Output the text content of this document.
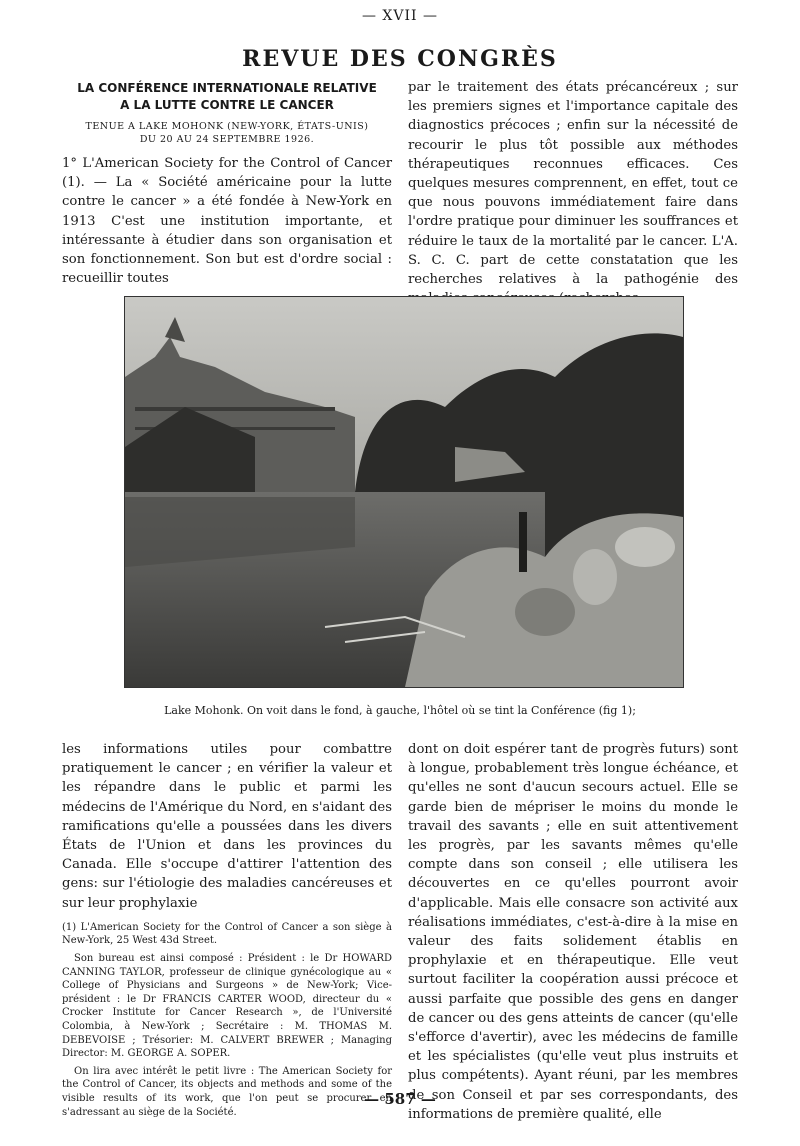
— XVII —
REVUE DES CONGRÈS
LA CONFÉRENCE INTERNATIONALE RELATIVE
A LA LUTTE CONTRE LE CANCER
TENUE A LAKE MOHONK (NEW-YORK, ÉTATS-UNIS)
DU 20 AU 24 SEPTEMBRE 1926.

1° L'American Society for the Control of Cancer (1). — La « Société américaine pour la lutte contre le cancer » a été fondée à New-York en 1913 C'est une institution importante, et intéressante à étudier dans son organisation et son fonctionnement. Son but est d'ordre social : recueillir toutes

par le traitement des états précancéreux ; sur les premiers signes et l'importance capitale des diagnostics précoces ; enfin sur la nécessité de recourir le plus tôt possible aux méthodes thérapeutiques reconnues efficaces. Ces quelques mesures comprennent, en effet, tout ce que nous pouvons immédiatement faire dans l'ordre pratique pour diminuer les souffrances et réduire le taux de la mortalité par le cancer. L'A. S. C. C. part de cette constatation que les recherches relatives à la pathogénie des

Lake Mohonk. On voit dans le fond, à gauche, l'hôtel où se tint la Conférence (fig 1);

les informations utiles pour combattre pratiquement le cancer ; en vérifier la valeur et les répandre dans le public et parmi les médecins de l'Amérique du Nord, en s'aidant des ramifications qu'elle a poussées dans les divers États de l'Union et dans les provinces du Canada. Elle s'occupe d'attirer l'attention des gens: sur l'étiologie des maladies cancéreuses et sur leur prophylaxie

(1) L'American Society for the Control of Cancer a son siège à New-York, 25 West 43d Street.

Son bureau est ainsi composé : Président : le Dr HOWARD CANNING TAYLOR, professeur de clinique gynécologique au « College of Physicians and Surgeons » de New-York; Vice-président : le Dr FRANCIS CARTER WOOD, directeur du « Crocker Institute for Cancer Research », de l'Université Colombia, à New-York ; Secrétaire : M. THOMAS M. DEBEVOISE ; Trésorier: M. CALVERT BREWER ; Managing Director: M. GEORGE A. SOPER.

On lira avec intérêt le petit livre : The American Society for the Control of Cancer, its objects and methods and some of the visible results of its work, que l'on peut se procurer en s'adressant au siège de la Société.

dont on doit espérer tant de progrès futurs) sont à longue, probablement très longue échéance, et qu'elles ne sont d'aucun secours actuel. Elle se garde bien de mépriser le moins du monde le travail des savants ; elle en suit attentivement les progrès, par les savants mêmes qu'elle compte dans son conseil ; elle utilisera les découvertes en ce qu'elles pourront avoir d'applicable. Mais elle consacre son activité aux réalisations immédiates, c'est-à-dire à la mise en valeur des faits solidement établis en prophylaxie et en thérapeutique. Elle veut surtout faciliter la coopération aussi précoce et aussi parfaite que possible des gens en danger de cancer ou des gens atteints de cancer (qu'elle s'efforce d'avertir), avec les médecins de famille et les spécialistes (qu'elle veut plus instruits et plus compétents). Ayant réuni, par les membres de son Conseil et par ses correspondants, des informations de première qualité, elle

— 587 —
